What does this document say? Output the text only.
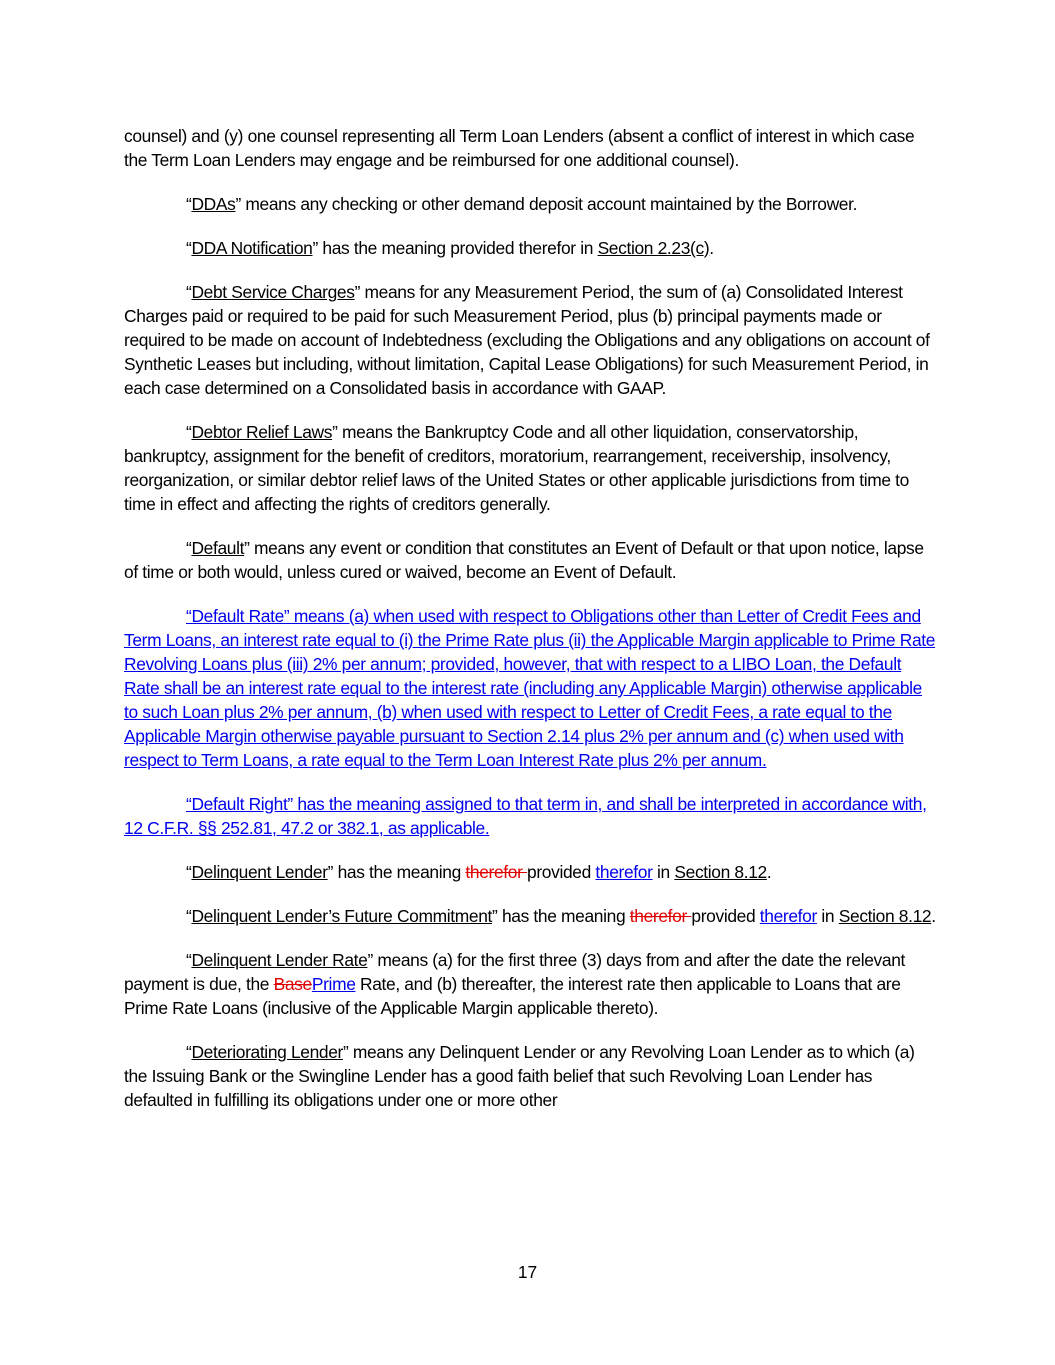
counsel) and (y) one counsel representing all Term Loan Lenders (absent a conflict of interest in which case the Term Loan Lenders may engage and be reimbursed for one additional counsel).

“DDAs” means any checking or other demand deposit account maintained by the Borrower.

“DDA Notification” has the meaning provided therefor in Section 2.23(c).

“Debt Service Charges” means for any Measurement Period, the sum of (a) Consolidated Interest Charges paid or required to be paid for such Measurement Period, plus (b) principal payments made or required to be made on account of Indebtedness (excluding the Obligations and any obligations on account of Synthetic Leases but including, without limitation, Capital Lease Obligations) for such Measurement Period, in each case determined on a Consolidated basis in accordance with GAAP.

“Debtor Relief Laws” means the Bankruptcy Code and all other liquidation, conservatorship, bankruptcy, assignment for the benefit of creditors, moratorium, rearrangement, receivership, insolvency, reorganization, or similar debtor relief laws of the United States or other applicable jurisdictions from time to time in effect and affecting the rights of creditors generally.

“Default” means any event or condition that constitutes an Event of Default or that upon notice, lapse of time or both would, unless cured or waived, become an Event of Default.

“Default Rate” means (a) when used with respect to Obligations other than Letter of Credit Fees and Term Loans, an interest rate equal to (i) the Prime Rate plus (ii) the Applicable Margin applicable to Prime Rate Revolving Loans plus (iii) 2% per annum; provided, however, that with respect to a LIBO Loan, the Default Rate shall be an interest rate equal to the interest rate (including any Applicable Margin) otherwise applicable to such Loan plus 2% per annum, (b) when used with respect to Letter of Credit Fees, a rate equal to the Applicable Margin otherwise payable pursuant to Section 2.14 plus 2% per annum and (c) when used with respect to Term Loans, a rate equal to the Term Loan Interest Rate plus 2% per annum.

“Default Right” has the meaning assigned to that term in, and shall be interpreted in accordance with, 12 C.F.R. §§ 252.81, 47.2 or 382.1, as applicable.

“Delinquent Lender” has the meaning therefor provided therefor in Section 8.12.

“Delinquent Lender’s Future Commitment” has the meaning therefor provided therefor in Section 8.12.

“Delinquent Lender Rate” means (a) for the first three (3) days from and after the date the relevant payment is due, the BasePrime Rate, and (b) thereafter, the interest rate then applicable to Loans that are Prime Rate Loans (inclusive of the Applicable Margin applicable thereto).

“Deteriorating Lender” means any Delinquent Lender or any Revolving Loan Lender as to which (a) the Issuing Bank or the Swingline Lender has a good faith belief that such Revolving Loan Lender has defaulted in fulfilling its obligations under one or more other

17
